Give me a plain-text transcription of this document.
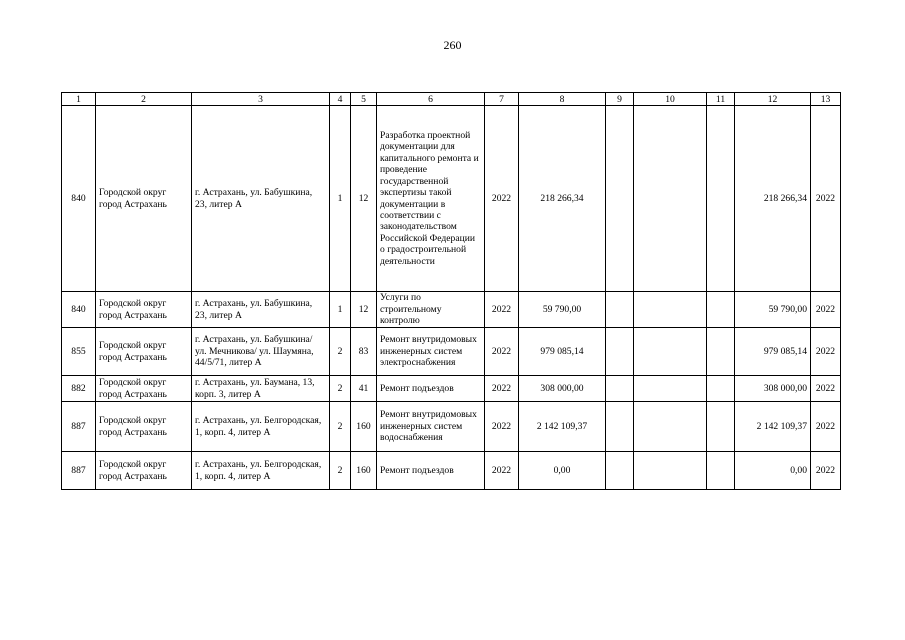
260
1	2	3	4	5	6	7	8	9	10	11	12	13
840	Городской округ город Астрахань	г. Астрахань, ул. Бабушкина, 23, литер А	1	12	Разработка проектной документации для капитального ремонта и проведение государственной экспертизы такой документации в соответствии с законодательством Российской Федерации о градостроительной деятельности	2022	218 266,34				218 266,34	2022
840	Городской округ город Астрахань	г. Астрахань, ул. Бабушкина, 23, литер А	1	12	Услуги по строительному контролю	2022	59 790,00				59 790,00	2022
855	Городской округ город Астрахань	г. Астрахань, ул. Бабушкина/ ул. Мечникова/ ул. Шаумяна, 44/5/71, литер А	2	83	Ремонт внутридомовых инженерных систем электроснабжения	2022	979 085,14				979 085,14	2022
882	Городской округ город Астрахань	г. Астрахань, ул. Баумана, 13, корп. 3, литер А	2	41	Ремонт подъездов	2022	308 000,00				308 000,00	2022
887	Городской округ город Астрахань	г. Астрахань, ул. Белгородская, 1, корп. 4, литер А	2	160	Ремонт внутридомовых инженерных систем водоснабжения	2022	2 142 109,37				2 142 109,37	2022
887	Городской округ город Астрахань	г. Астрахань, ул. Белгородская, 1, корп. 4, литер А	2	160	Ремонт подъездов	2022	0,00				0,00	2022
